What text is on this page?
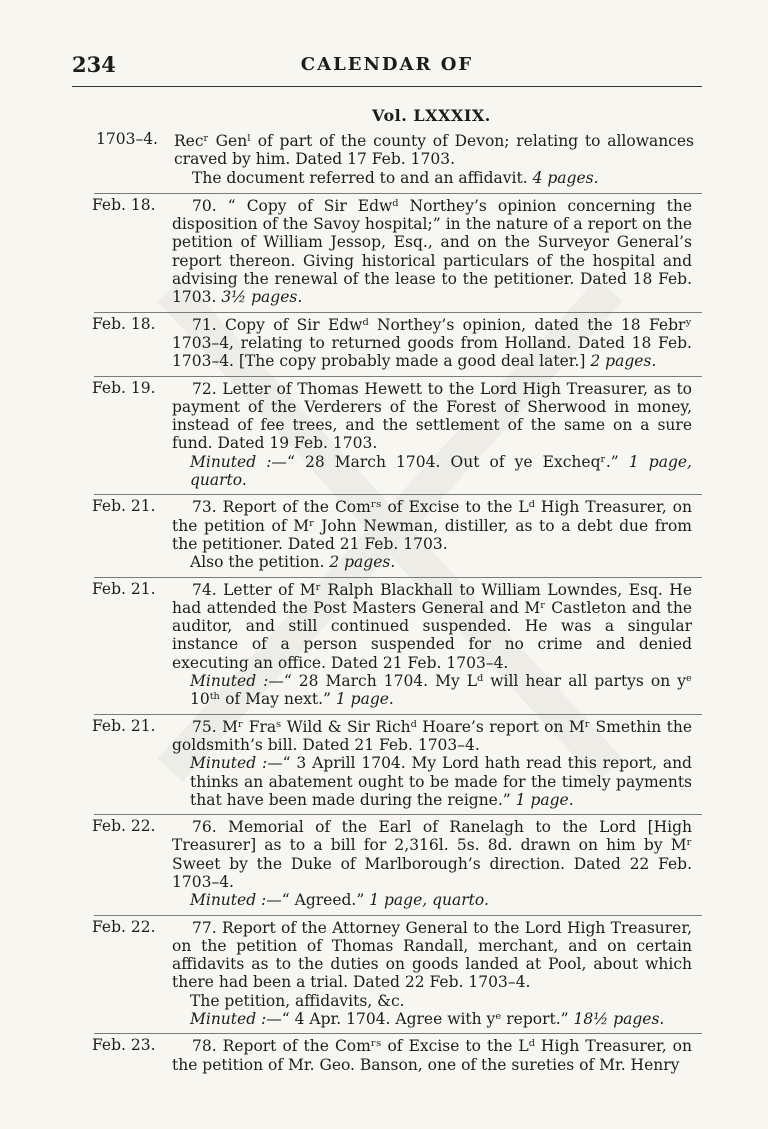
234	CALENDAR OF
Vol. LXXXIX.
1703–4. Recʳ Genˡ of part of the county of Devon; relating to allowances craved by him. Dated 17 Feb. 1703.
The document referred to and an affidavit. 4 pages.
Feb. 18.	70. “ Copy of Sir Edwᵈ Northey’s opinion concerning the disposition of the Savoy hospital;” in the nature of a report on the petition of William Jessop, Esq., and on the Surveyor General’s report thereon. Giving historical particulars of the hospital and advising the renewal of the lease to the petitioner. Dated 18 Feb. 1703. 3½ pages.
Feb. 18.	71. Copy of Sir Edwᵈ Northey’s opinion, dated the 18 Febrʸ 1703–4, relating to returned goods from Holland. Dated 18 Feb. 1703–4. [The copy probably made a good deal later.] 2 pages.
Feb. 19.	72. Letter of Thomas Hewett to the Lord High Treasurer, as to payment of the Verderers of the Forest of Sherwood in money, instead of fee trees, and the settlement of the same on a sure fund. Dated 19 Feb. 1703.
Minuted :—“ 28 March 1704. Out of ye Excheqʳ.” 1 page, quarto.
Feb. 21.	73. Report of the Comʳˢ of Excise to the Lᵈ High Treasurer, on the petition of Mʳ John Newman, distiller, as to a debt due from the petitioner. Dated 21 Feb. 1703.
Also the petition. 2 pages.
Feb. 21.	74. Letter of Mʳ Ralph Blackhall to William Lowndes, Esq. He had attended the Post Masters General and Mʳ Castleton and the auditor, and still continued suspended. He was a singular instance of a person suspended for no crime and denied executing an office. Dated 21 Feb. 1703–4.
Minuted :—“ 28 March 1704. My Lᵈ will hear all partys on yᵉ 10ᵗʰ of May next.” 1 page.
Feb. 21.	75. Mʳ Fraˢ Wild & Sir Richᵈ Hoare’s report on Mʳ Smethin the goldsmith’s bill. Dated 21 Feb. 1703–4.
Minuted :—“ 3 Aprill 1704. My Lord hath read this report, and thinks an abatement ought to be made for the timely payments that have been made during the reigne.” 1 page.
Feb. 22.	76. Memorial of the Earl of Ranelagh to the Lord [High Treasurer] as to a bill for 2,316l. 5s. 8d. drawn on him by Mʳ Sweet by the Duke of Marlborough’s direction. Dated 22 Feb. 1703–4.
Minuted :—“ Agreed.” 1 page, quarto.
Feb. 22.	77. Report of the Attorney General to the Lord High Treasurer, on the petition of Thomas Randall, merchant, and on certain affidavits as to the duties on goods landed at Pool, about which there had been a trial. Dated 22 Feb. 1703–4.
The petition, affidavits, &c.
Minuted :—“ 4 Apr. 1704. Agree with yᵉ report.” 18½ pages.
Feb. 23.	78. Report of the Comʳˢ of Excise to the Lᵈ High Treasurer, on the petition of Mr. Geo. Banson, one of the sureties of Mr. Henry
